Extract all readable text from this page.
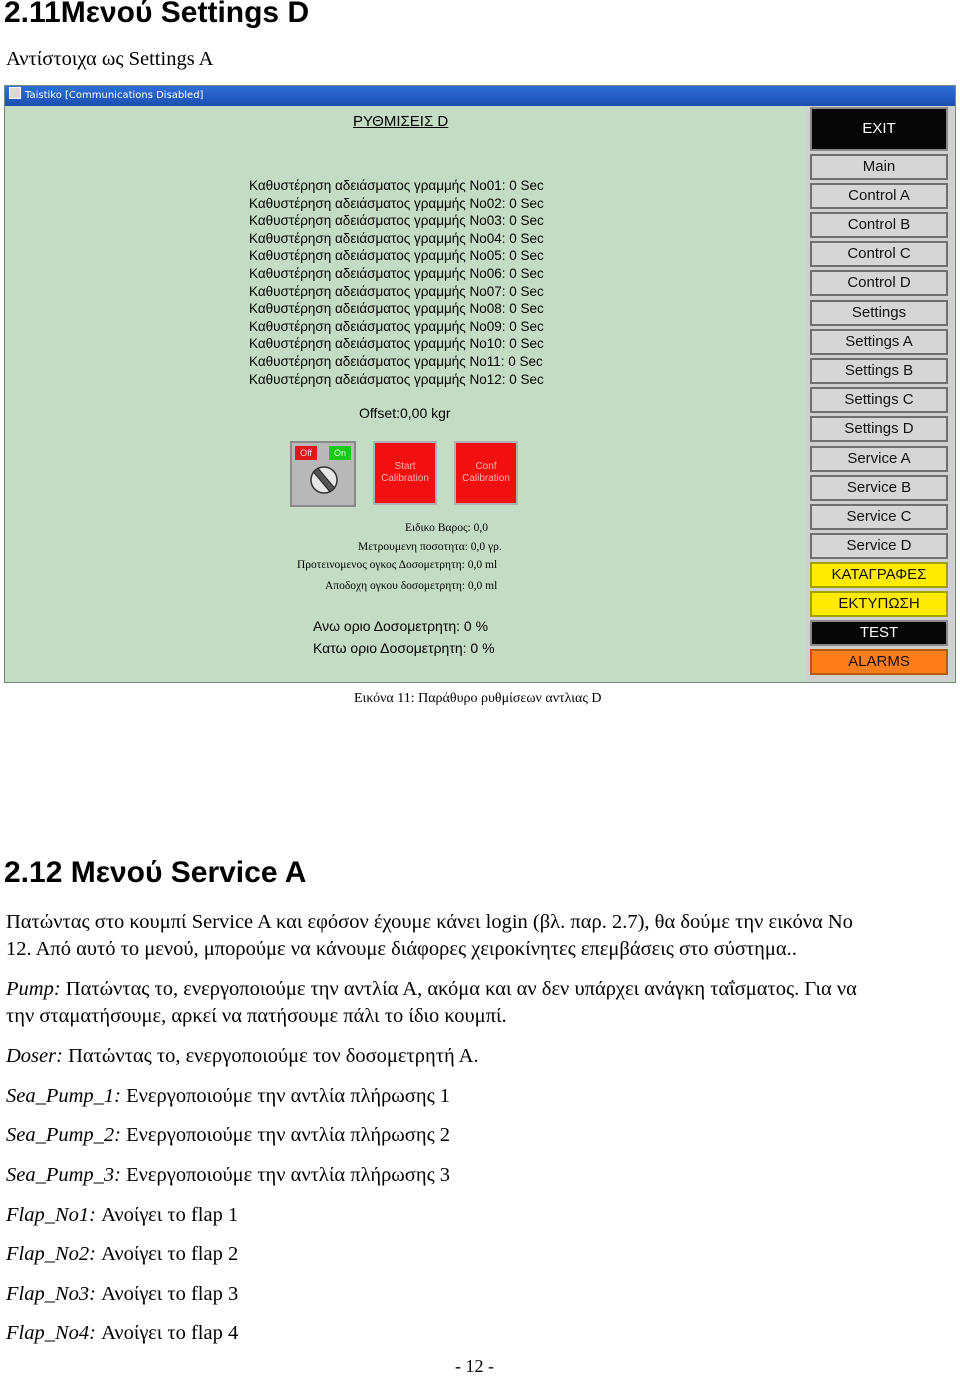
2.11Μενού Settings D
Αντίστοιχα ως Settings A
Taistiko [Communications Disabled]
ΡΥΘΜΙΣΕΙΣ D
Καθυστέρηση αδειάσματος γραμμής No01: 0 Sec
Καθυστέρηση αδειάσματος γραμμής No02: 0 Sec
Καθυστέρηση αδειάσματος γραμμής No03: 0 Sec
Καθυστέρηση αδειάσματος γραμμής No04: 0 Sec
Καθυστέρηση αδειάσματος γραμμής No05: 0 Sec
Καθυστέρηση αδειάσματος γραμμής No06: 0 Sec
Καθυστέρηση αδειάσματος γραμμής No07: 0 Sec
Καθυστέρηση αδειάσματος γραμμής No08: 0 Sec
Καθυστέρηση αδειάσματος γραμμής No09: 0 Sec
Καθυστέρηση αδειάσματος γραμμής No10: 0 Sec
Καθυστέρηση αδειάσματος γραμμής No11: 0 Sec
Καθυστέρηση αδειάσματος γραμμής No12: 0 Sec
Offset:0,00 kgr
Off	On
Start Calibration
Conf Calibration
Ειδικο Βαρος: 0,0
Μετρουμενη ποσοτητα: 0,0 γρ.
Προτεινομενος ογκος Δοσομετρητη: 0,0 ml
Αποδοχη ογκου δοσομετρητη: 0,0 ml
Ανω οριο Δοσομετρητη: 0 %
Κατω οριο Δοσομετρητη: 0 %
EXIT
Main
Control A
Control B
Control C
Control D
Settings
Settings A
Settings B
Settings C
Settings D
Service A
Service B
Service C
Service D
ΚΑΤΑΓΡΑΦΕΣ
ΕΚΤΥΠΩΣΗ
TEST
ALARMS
Εικόνα 11: Παράθυρο ρυθμίσεων αντλιας D
2.12 Μενού Service A
Πατώντας στο κουμπί Service A και εφόσον έχουμε κάνει login (βλ. παρ. 2.7), θα δούμε την εικόνα Νο
12. Από αυτό το μενού, μπορούμε να κάνουμε διάφορες χειροκίνητες επεμβάσεις στο σύστημα..
Pump: Πατώντας το, ενεργοποιούμε την αντλία Α, ακόμα και αν δεν υπάρχει ανάγκη ταΐσματος. Για να
την σταματήσουμε, αρκεί να πατήσουμε πάλι το ίδιο κουμπί.
Doser: Πατώντας το, ενεργοποιούμε τον δοσομετρητή Α.
Sea_Pump_1: Ενεργοποιούμε την αντλία πλήρωσης 1
Sea_Pump_2: Ενεργοποιούμε την αντλία πλήρωσης 2
Sea_Pump_3: Ενεργοποιούμε την αντλία πλήρωσης 3
Flap_No1: Ανοίγει το flap 1
Flap_No2: Ανοίγει το flap 2
Flap_No3: Ανοίγει το flap 3
Flap_No4: Ανοίγει το flap 4
- 12 -
